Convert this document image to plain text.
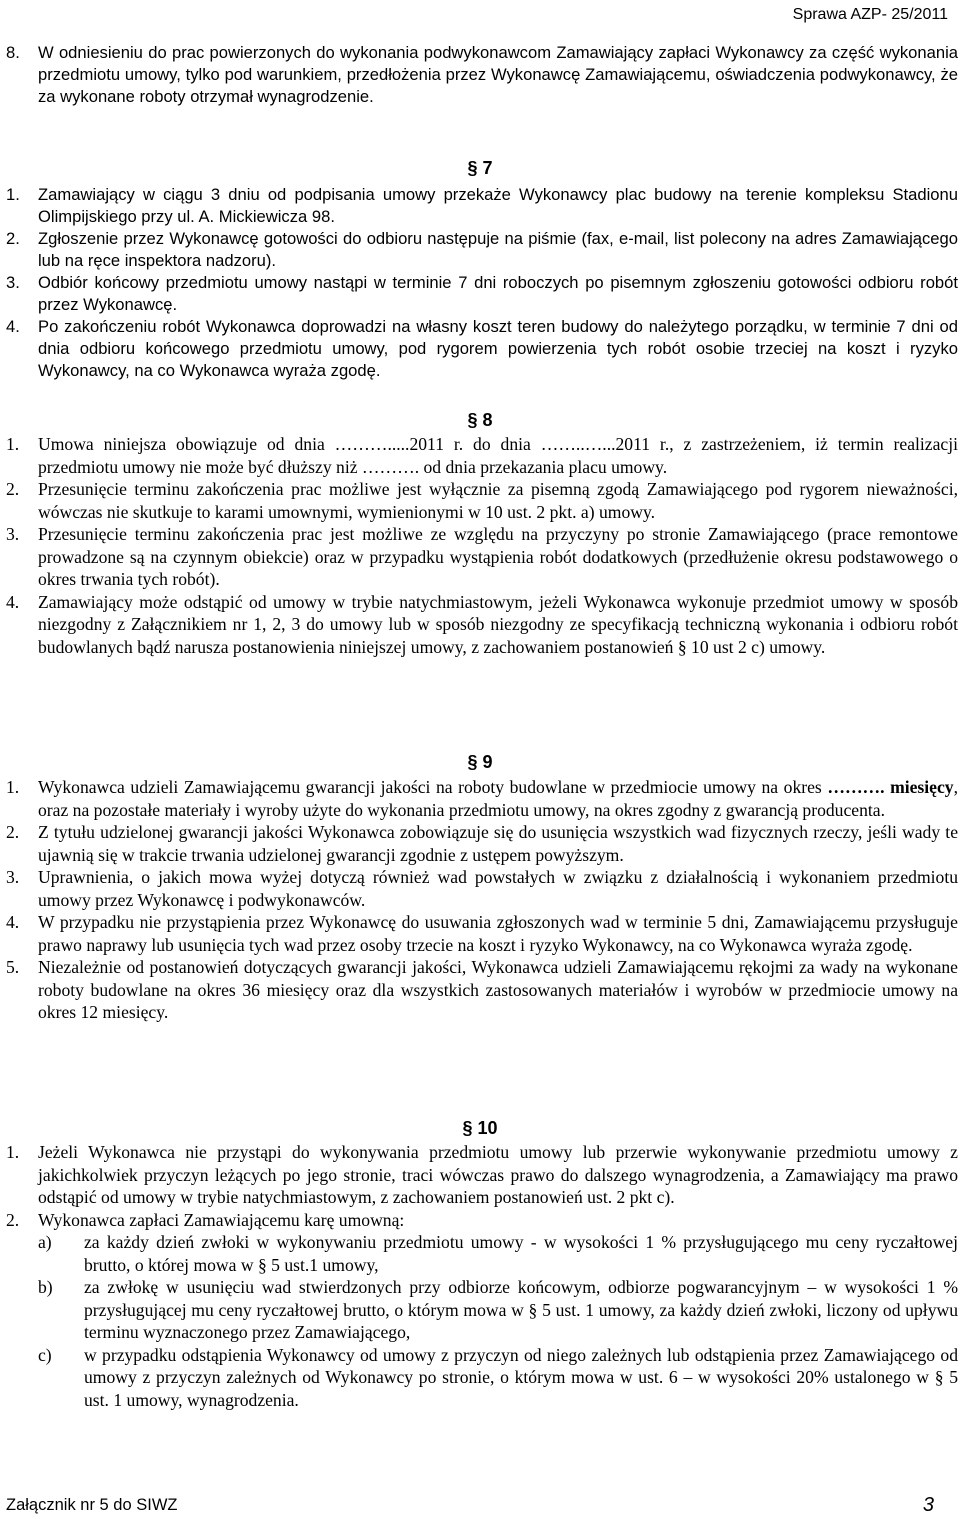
Sprawa AZP- 25/2011
8. W odniesieniu do prac powierzonych do wykonania podwykonawcom Zamawiający zapłaci Wykonawcy za część wykonania przedmiotu umowy, tylko pod warunkiem, przedłożenia przez Wykonawcę Zamawiającemu, oświadczenia podwykonawcy, że za wykonane roboty otrzymał wynagrodzenie.
§ 7
1. Zamawiający w ciągu 3 dniu od podpisania umowy przekaże Wykonawcy plac budowy na terenie kompleksu Stadionu Olimpijskiego przy ul. A. Mickiewicza 98.
2. Zgłoszenie przez Wykonawcę gotowości do odbioru następuje na piśmie (fax, e-mail, list polecony na adres Zamawiającego lub na ręce inspektora nadzoru).
3. Odbiór końcowy przedmiotu umowy nastąpi w terminie 7 dni roboczych po pisemnym zgłoszeniu gotowości odbioru robót przez Wykonawcę.
4. Po zakończeniu robót Wykonawca doprowadzi na własny koszt teren budowy do należytego porządku, w terminie 7 dni od dnia odbioru końcowego przedmiotu umowy, pod rygorem powierzenia tych robót osobie trzeciej na koszt i ryzyko Wykonawcy, na co Wykonawca wyraża zgodę.
§ 8
1. Umowa niniejsza obowiązuje od dnia ……….....2011 r. do dnia ……..…...2011 r., z zastrzeżeniem, iż termin realizacji przedmiotu umowy nie może być dłuższy niż ………. od dnia przekazania placu umowy.
2. Przesunięcie terminu zakończenia prac możliwe jest wyłącznie za pisemną zgodą Zamawiającego pod rygorem nieważności, wówczas nie skutkuje to karami umownymi, wymienionymi w 10 ust. 2 pkt. a) umowy.
3. Przesunięcie terminu zakończenia prac jest możliwe ze względu na przyczyny po stronie Zamawiającego (prace remontowe prowadzone są na czynnym obiekcie) oraz w przypadku wystąpienia robót dodatkowych (przedłużenie okresu podstawowego o okres trwania tych robót).
4. Zamawiający może odstąpić od umowy w trybie natychmiastowym, jeżeli Wykonawca wykonuje przedmiot umowy w sposób niezgodny z Załącznikiem nr 1, 2, 3 do umowy lub w sposób niezgodny ze specyfikacją techniczną wykonania i odbioru robót budowlanych bądź narusza postanowienia niniejszej umowy, z zachowaniem postanowień § 10 ust 2 c) umowy.
§ 9
1. Wykonawca udzieli Zamawiającemu gwarancji jakości na roboty budowlane w przedmiocie umowy na okres ………. miesięcy, oraz na pozostałe materiały i wyroby użyte do wykonania przedmiotu umowy, na okres zgodny z gwarancją producenta.
2. Z tytułu udzielonej gwarancji jakości Wykonawca zobowiązuje się do usunięcia wszystkich wad fizycznych rzeczy, jeśli wady te ujawnią się w trakcie trwania udzielonej gwarancji zgodnie z ustępem powyższym.
3. Uprawnienia, o jakich mowa wyżej dotyczą również wad powstałych w związku z działalnością i wykonaniem przedmiotu umowy przez Wykonawcę i podwykonawców.
4. W przypadku nie przystąpienia przez Wykonawcę do usuwania zgłoszonych wad w terminie 5 dni, Zamawiającemu przysługuje prawo naprawy lub usunięcia tych wad przez osoby trzecie na koszt i ryzyko Wykonawcy, na co Wykonawca wyraża zgodę.
5. Niezależnie od postanowień dotyczących gwarancji jakości, Wykonawca udzieli Zamawiającemu rękojmi za wady na wykonane roboty budowlane na okres 36 miesięcy oraz dla wszystkich zastosowanych materiałów i wyrobów w przedmiocie umowy na okres 12 miesięcy.
§ 10
1. Jeżeli Wykonawca nie przystąpi do wykonywania przedmiotu umowy lub przerwie wykonywanie przedmiotu umowy z jakichkolwiek przyczyn leżących po jego stronie, traci wówczas prawo do dalszego wynagrodzenia, a Zamawiający ma prawo odstąpić od umowy w trybie natychmiastowym, z zachowaniem postanowień ust. 2 pkt c).
2. Wykonawca zapłaci Zamawiającemu karę umowną:
a) za każdy dzień zwłoki w wykonywaniu przedmiotu umowy - w wysokości 1 % przysługującego mu ceny ryczałtowej brutto, o której mowa w § 5 ust.1 umowy,
b) za zwłokę w usunięciu wad stwierdzonych przy odbiorze końcowym, odbiorze pogwarancyjnym – w wysokości 1 % przysługującej mu ceny ryczałtowej brutto, o którym mowa w § 5 ust. 1 umowy, za każdy dzień zwłoki, liczony od upływu terminu wyznaczonego przez Zamawiającego,
c) w przypadku odstąpienia Wykonawcy od umowy z przyczyn od niego zależnych lub odstąpienia przez Zamawiającego od umowy z przyczyn zależnych od Wykonawcy po stronie, o którym mowa w ust. 6 – w wysokości 20% ustalonego w § 5 ust. 1 umowy, wynagrodzenia.
Załącznik nr 5 do SIWZ	3
